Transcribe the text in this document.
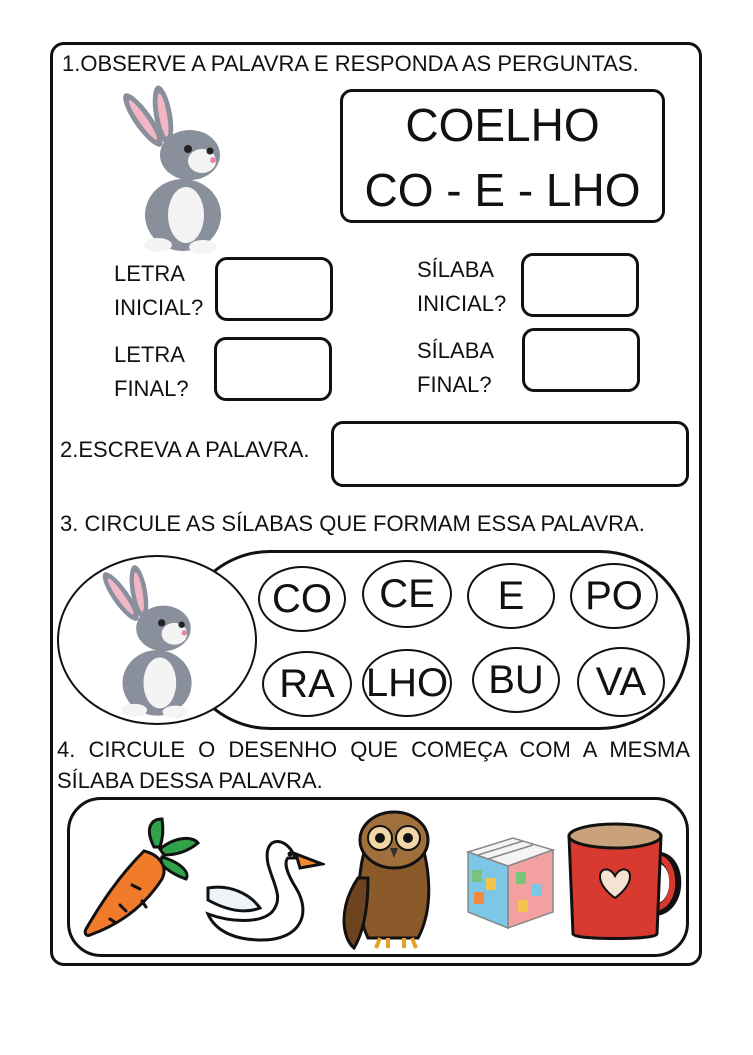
1.OBSERVE A PALAVRA E RESPONDA AS PERGUNTAS.
COELHO
CO - E - LHO
LETRA
INICIAL?
LETRA
FINAL?
SÍLABA
INICIAL?
SÍLABA
FINAL?
2.ESCREVA A PALAVRA.
3. CIRCULE AS SÍLABAS QUE FORMAM ESSA PALAVRA.
CO	CE	E	PO
RA LHO	BU	VA
4. CIRCULE O DESENHO QUE COMEÇA COM A MESMA
SÍLABA DESSA PALAVRA.
